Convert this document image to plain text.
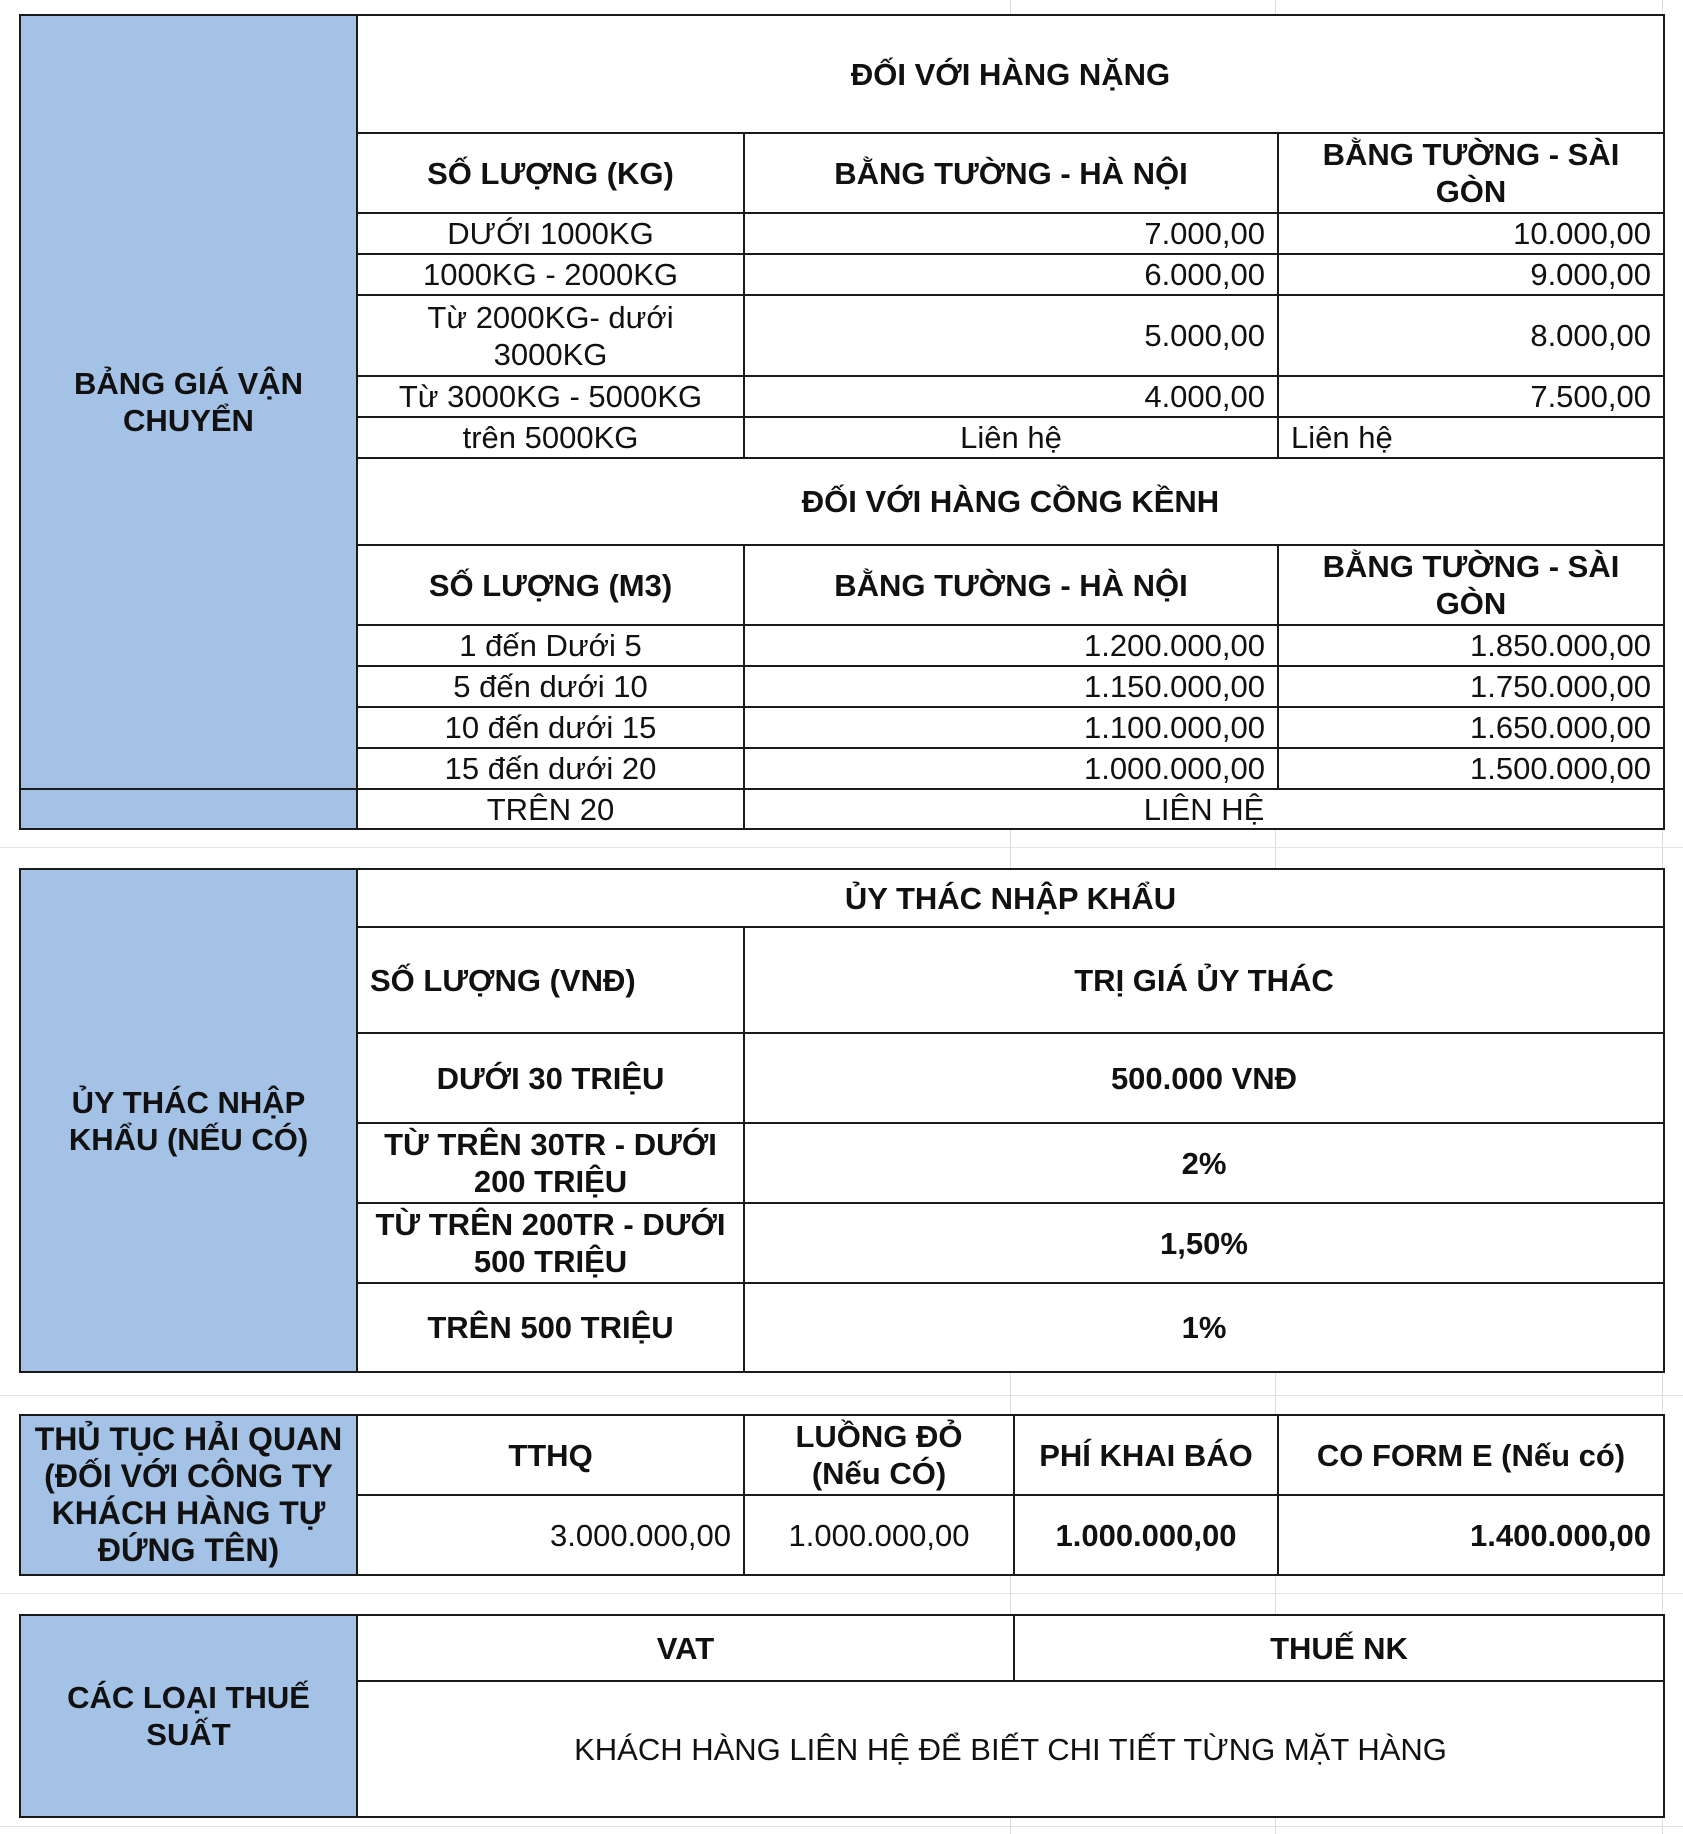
BẢNG GIÁ VẬN CHUYỂN	ĐỐI VỚI HÀNG NẶNG		
	SỐ LƯỢNG (KG)	BẰNG TƯỜNG - HÀ NỘI	BẰNG TƯỜNG - SÀI GÒN
	DƯỚI 1000KG	7.000,00	10.000,00
	1000KG - 2000KG	6.000,00	9.000,00
	Từ 2000KG- dưới 3000KG	5.000,00	8.000,00
	Từ 3000KG - 5000KG	4.000,00	7.500,00
	trên 5000KG	Liên hệ	Liên hệ
	ĐỐI VỚI HÀNG CỒNG KỀNH		
	SỐ LƯỢNG (M3)	BẰNG TƯỜNG - HÀ NỘI	BẰNG TƯỜNG - SÀI GÒN
	1 đến Dưới 5	1.200.000,00	1.850.000,00
	5 đến dưới 10	1.150.000,00	1.750.000,00
	10 đến dưới 15	1.100.000,00	1.650.000,00
	15 đến dưới 20	1.000.000,00	1.500.000,00
	TRÊN 20	LIÊN HỆ	
ỦY THÁC NHẬP KHẨU (NẾU CÓ)	ỦY THÁC NHẬP KHẨU	
	SỐ LƯỢNG (VNĐ)	TRỊ GIÁ ỦY THÁC
	DƯỚI 30 TRIỆU	500.000 VNĐ
	TỪ TRÊN 30TR - DƯỚI 200 TRIỆU	2%
	TỪ TRÊN 200TR - DƯỚI 500 TRIỆU	1,50%
	TRÊN 500 TRIỆU	1%
THỦ TỤC HẢI QUAN (ĐỐI VỚI CÔNG TY KHÁCH HÀNG TỰ ĐỨNG TÊN)	TTHQ	LUỒNG ĐỎ (Nếu CÓ)	PHÍ KHAI BÁO	CO FORM E (Nếu có)
	3.000.000,00	1.000.000,00	1.000.000,00	1.400.000,00
CÁC LOẠI THUẾ SUẤT	VAT	THUẾ NK
KHÁCH HÀNG LIÊN HỆ ĐỂ BIẾT CHI TIẾT TỪNG MẶT HÀNG
